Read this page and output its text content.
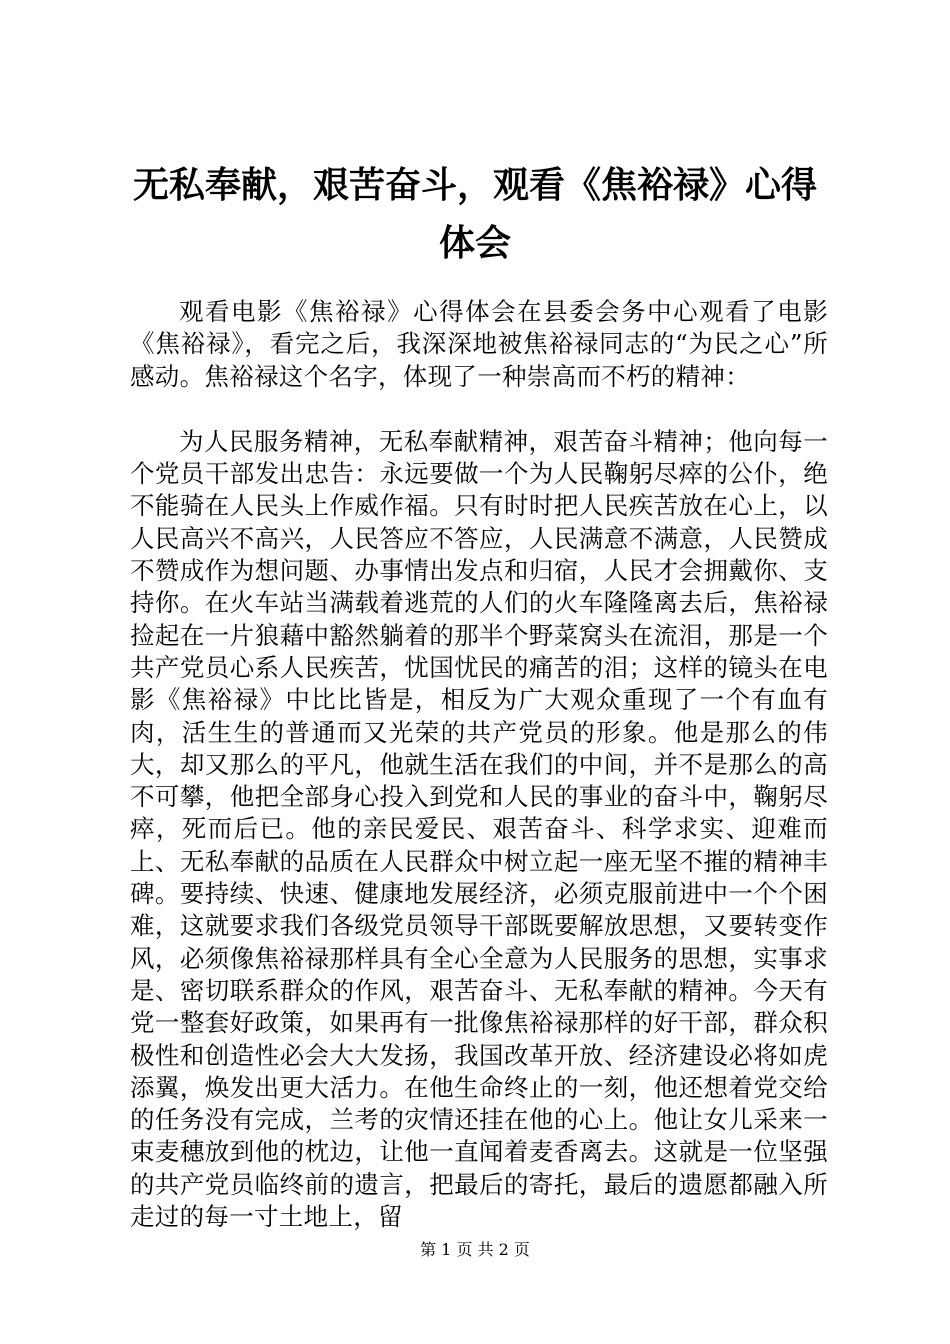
无私奉献，艰苦奋斗，观看《焦裕禄》心得体会

观看电影《焦裕禄》心得体会在县委会务中心观看了电影《焦裕禄》，看完之后，我深深地被焦裕禄同志的“为民之心”所感动。焦裕禄这个名字，体现了一种崇高而不朽的精神：

为人民服务精神，无私奉献精神，艰苦奋斗精神；他向每一个党员干部发出忠告：永远要做一个为人民鞠躬尽瘁的公仆，绝不能骑在人民头上作威作福。只有时时把人民疾苦放在心上，以人民高兴不高兴，人民答应不答应，人民满意不满意，人民赞成不赞成作为想问题、办事情出发点和归宿，人民才会拥戴你、支持你。在火车站当满载着逃荒的人们的火车隆隆离去后，焦裕禄捡起在一片狼藉中豁然躺着的那半个野菜窝头在流泪，那是一个共产党员心系人民疾苦，忧国忧民的痛苦的泪；这样的镜头在电影《焦裕禄》中比比皆是，相反为广大观众重现了一个有血有肉，活生生的普通而又光荣的共产党员的形象。他是那么的伟大，却又那么的平凡，他就生活在我们的中间，并不是那么的高不可攀，他把全部身心投入到党和人民的事业的奋斗中，鞠躬尽瘁，死而后已。他的亲民爱民、艰苦奋斗、科学求实、迎难而上、无私奉献的品质在人民群众中树立起一座无坚不摧的精神丰碑。要持续、快速、健康地发展经济，必须克服前进中一个个困难，这就要求我们各级党员领导干部既要解放思想，又要转变作风，必须像焦裕禄那样具有全心全意为人民服务的思想，实事求是、密切联系群众的作风，艰苦奋斗、无私奉献的精神。今天有党一整套好政策，如果再有一批像焦裕禄那样的好干部，群众积极性和创造性必会大大发扬，我国改革开放、经济建设必将如虎添翼，焕发出更大活力。在他生命终止的一刻，他还想着党交给的任务没有完成，兰考的灾情还挂在他的心上。他让女儿采来一束麦穗放到他的枕边，让他一直闻着麦香离去。这就是一位坚强的共产党员临终前的遗言，把最后的寄托，最后的遗愿都融入所走过的每一寸土地上，留

第 1 页 共 2 页
